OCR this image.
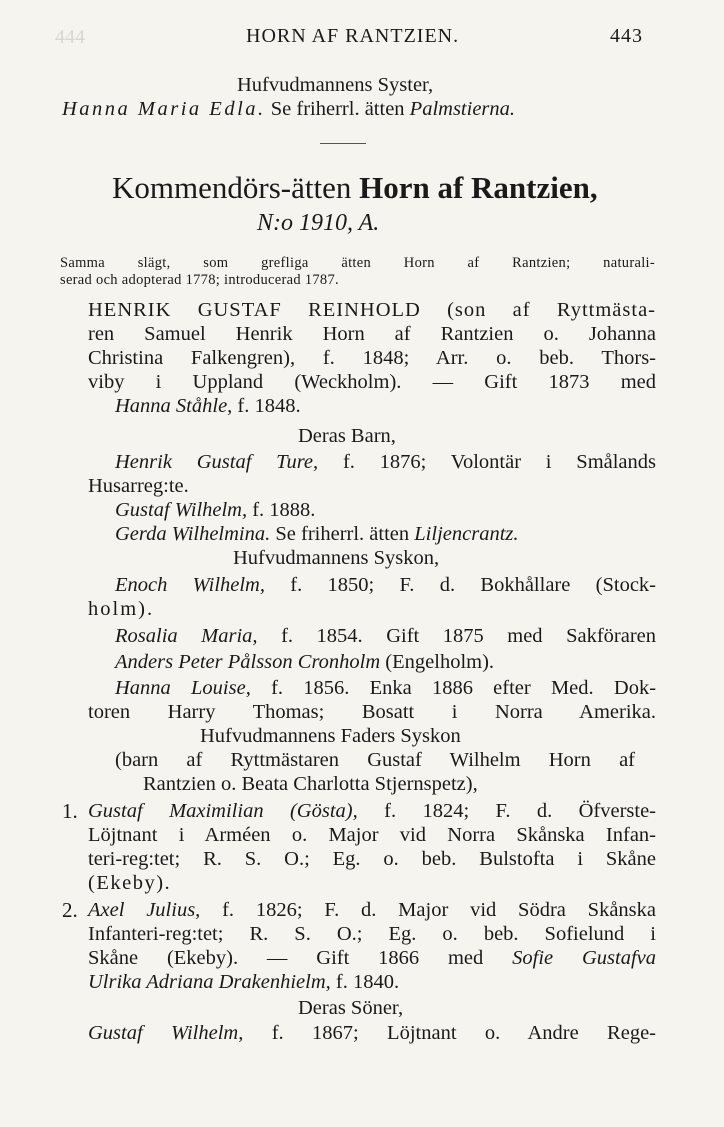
444	HORN AF RANTZIEN.	443
Hufvudmannens Syster,
Hanna Maria Edla. Se friherrl. ätten Palmstierna.
Kommendörs-ätten Horn af Rantzien,
N:o 1910, A.
Samma slägt, som grefliga ätten Horn af Rantzien; naturali-
serad och adopterad 1778; introducerad 1787.
HENRIK GUSTAF REINHOLD (son af Ryttmästa-
ren Samuel Henrik Horn af Rantzien o. Johanna
Christina Falkengren), f. 1848; Arr. o. beb. Thors-
viby i Uppland (Weckholm). — Gift 1873 med
Hanna Ståhle, f. 1848.
Deras Barn,
Henrik Gustaf Ture, f. 1876; Volontär i Smålands
Husarreg:te.
Gustaf Wilhelm, f. 1888.
Gerda Wilhelmina. Se friherrl. ätten Liljencrantz.
Hufvudmannens Syskon,
Enoch Wilhelm, f. 1850; F. d. Bokhållare (Stock-
holm).
Rosalia Maria, f. 1854. Gift 1875 med Sakföraren
Anders Peter Pålsson Cronholm (Engelholm).
Hanna Louise, f. 1856. Enka 1886 efter Med. Dok-
toren Harry Thomas; Bosatt i Norra Amerika.
Hufvudmannens Faders Syskon
(barn af Ryttmästaren Gustaf Wilhelm Horn af
Rantzien o. Beata Charlotta Stjernspetz),
1. Gustaf Maximilian (Gösta), f. 1824; F. d. Öfverste-
Löjtnant i Arméen o. Major vid Norra Skånska Infan-
teri-reg:tet; R. S. O.; Eg. o. beb. Bulstofta i Skåne
(Ekeby).
2. Axel Julius, f. 1826; F. d. Major vid Södra Skånska
Infanteri-reg:tet; R. S. O.; Eg. o. beb. Sofielund i
Skåne (Ekeby). — Gift 1866 med Sofie Gustafva
Ulrika Adriana Drakenhielm, f. 1840.
Deras Söner,
Gustaf Wilhelm, f. 1867; Löjtnant o. Andre Rege-
